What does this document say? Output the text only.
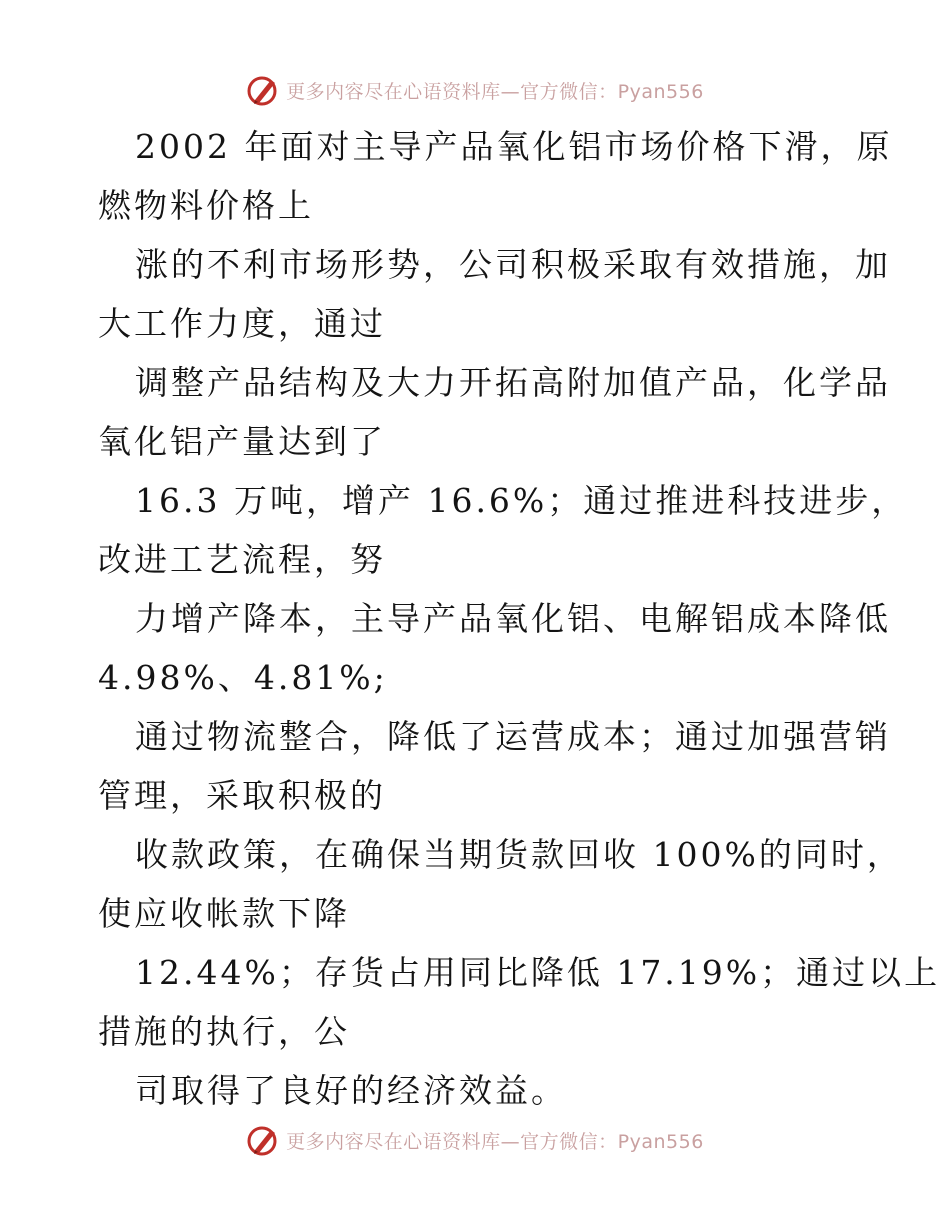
更多内容尽在心语资料库—官方微信：Pyan556

2002 年面对主导产品氧化铝市场价格下滑，原

燃物料价格上

涨的不利市场形势，公司积极采取有效措施，加

大工作力度，通过

调整产品结构及大力开拓高附加值产品，化学品

氧化铝产量达到了

16.3 万吨，增产 16.6%；通过推进科技进步，

改进工艺流程，努

力增产降本，主导产品氧化铝、电解铝成本降低

4.98%、4.81%;

通过物流整合，降低了运营成本；通过加强营销

管理，采取积极的

收款政策，在确保当期货款回收 100%的同时，

使应收帐款下降

12.44%；存货占用同比降低 17.19%；通过以上

措施的执行，公

司取得了良好的经济效益。

更多内容尽在心语资料库—官方微信：Pyan556
